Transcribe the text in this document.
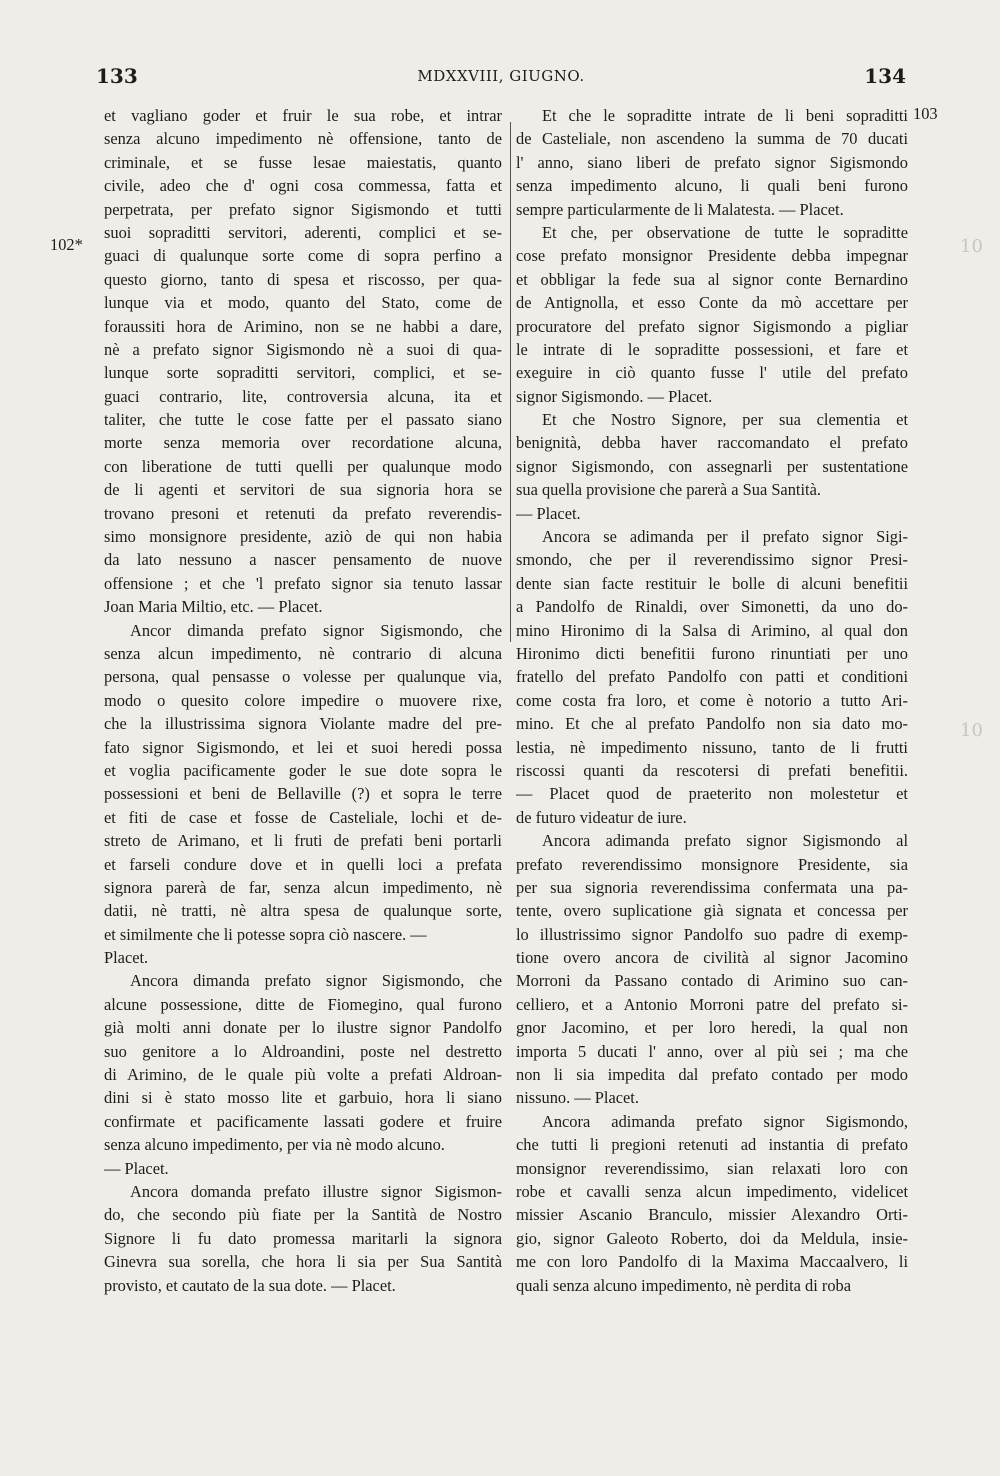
133	MDXXVIII, GIUGNO.	134
102*
103
et vagliano goder et fruir le sua robe, et intrar
senza alcuno impedimento nè offensione, tanto de
criminale, et se fusse lesae maiestatis, quanto
civile, adeo che d' ogni cosa commessa, fatta et
perpetrata, per prefato signor Sigismondo et tutti
suoi sopraditti servitori, aderenti, complici et se-
guaci di qualunque sorte come di sopra perfino a
questo giorno, tanto di spesa et riscosso, per qua-
lunque via et modo, quanto del Stato, come de
foraussiti hora de Arimino, non se ne habbi a dare,
nè a prefato signor Sigismondo nè a suoi di qua-
lunque sorte sopraditti servitori, complici, et se-
guaci contrario, lite, controversia alcuna, ita et
taliter, che tutte le cose fatte per el passato siano
morte senza memoria over recordatione alcuna,
con liberatione de tutti quelli per qualunque modo
de li agenti et servitori de sua signoria hora se
trovano presoni et retenuti da prefato reverendis-
simo monsignore presidente, aziò de qui non habia
da lato nessuno a nascer pensamento de nuove
offensione ; et che 'l prefato signor sia tenuto lassar
Joan Maria Miltio, etc. — Placet.
Ancor dimanda prefato signor Sigismondo, che
senza alcun impedimento, nè contrario di alcuna
persona, qual pensasse o volesse per qualunque via,
modo o quesito colore impedire o muovere rixe,
che la illustrissima signora Violante madre del pre-
fato signor Sigismondo, et lei et suoi heredi possa
et voglia pacificamente goder le sue dote sopra le
possessioni et beni de Bellaville (?) et sopra le terre
et fiti de case et fosse de Casteliale, lochi et de-
streto de Arimano, et li fruti de prefati beni portarli
et farseli condure dove et in quelli loci a prefata
signora parerà de far, senza alcun impedimento, nè
datii, nè tratti, nè altra spesa de qualunque sorte,
et similmente che li potesse sopra ciò nascere. —
Placet.
Ancora dimanda prefato signor Sigismondo, che
alcune possessione, ditte de Fiomegino, qual furono
già molti anni donate per lo ilustre signor Pandolfo
suo genitore a lo Aldroandini, poste nel destretto
di Arimino, de le quale più volte a prefati Aldroan-
dini si è stato mosso lite et garbuio, hora li siano
confirmate et pacificamente lassati godere et fruire
senza alcuno impedimento, per via nè modo alcuno.
— Placet.
Ancora domanda prefato illustre signor Sigismon-
do, che secondo più fiate per la Santità de Nostro
Signore li fu dato promessa maritarli la signora
Ginevra sua sorella, che hora li sia per Sua Santità
provisto, et cautato de la sua dote. — Placet.
Et che le sopraditte intrate de li beni sopraditti
de Casteliale, non ascendeno la summa de 70 ducati
l' anno, siano liberi de prefato signor Sigismondo
senza impedimento alcuno, li quali beni furono
sempre particularmente de li Malatesta. — Placet.
Et che, per observatione de tutte le sopraditte
cose prefato monsignor Presidente debba impegnar
et obbligar la fede sua al signor conte Bernardino
de Antignolla, et esso Conte da mò accettare per
procuratore del prefato signor Sigismondo a pigliar
le intrate di le sopraditte possessioni, et fare et
exeguire in ciò quanto fusse l' utile del prefato
signor Sigismondo. — Placet.
Et che Nostro Signore, per sua clementia et
benignità, debba haver raccomandato el prefato
signor Sigismondo, con assegnarli per sustentatione
sua quella provisione che parerà a Sua Santità.
— Placet.
Ancora se adimanda per il prefato signor Sigi-
smondo, che per il reverendissimo signor Presi-
dente sian facte restituir le bolle di alcuni benefitii
a Pandolfo de Rinaldi, over Simonetti, da uno do-
mino Hironimo di la Salsa di Arimino, al qual don
Hironimo dicti benefitii furono rinuntiati per uno
fratello del prefato Pandolfo con patti et conditioni
come costa fra loro, et come è notorio a tutto Ari-
mino. Et che al prefato Pandolfo non sia dato mo-
lestia, nè impedimento nissuno, tanto de li frutti
riscossi quanti da rescotersi di prefati benefitii.
— Placet quod de praeterito non molestetur et
de futuro videatur de iure.
Ancora adimanda prefato signor Sigismondo al
prefato reverendissimo monsignore Presidente, sia
per sua signoria reverendissima confermata una pa-
tente, overo suplicatione già signata et concessa per
lo illustrissimo signor Pandolfo suo padre di exemp-
tione overo ancora de civilità al signor Jacomino
Morroni da Passano contado di Arimino suo can-
celliero, et a Antonio Morroni patre del prefato si-
gnor Jacomino, et per loro heredi, la qual non
importa 5 ducati l' anno, over al più sei ; ma che
non li sia impedita dal prefato contado per modo
nissuno. — Placet.
Ancora adimanda prefato signor Sigismondo,
che tutti li pregioni retenuti ad instantia di prefato
monsignor reverendissimo, sian relaxati loro con
robe et cavalli senza alcun impedimento, videlicet
missier Ascanio Branculo, missier Alexandro Orti-
gio, signor Galeoto Roberto, doi da Meldula, insie-
me con loro Pandolfo di la Maxima Maccaalvero, li
quali senza alcuno impedimento, nè perdita di roba
10
10
